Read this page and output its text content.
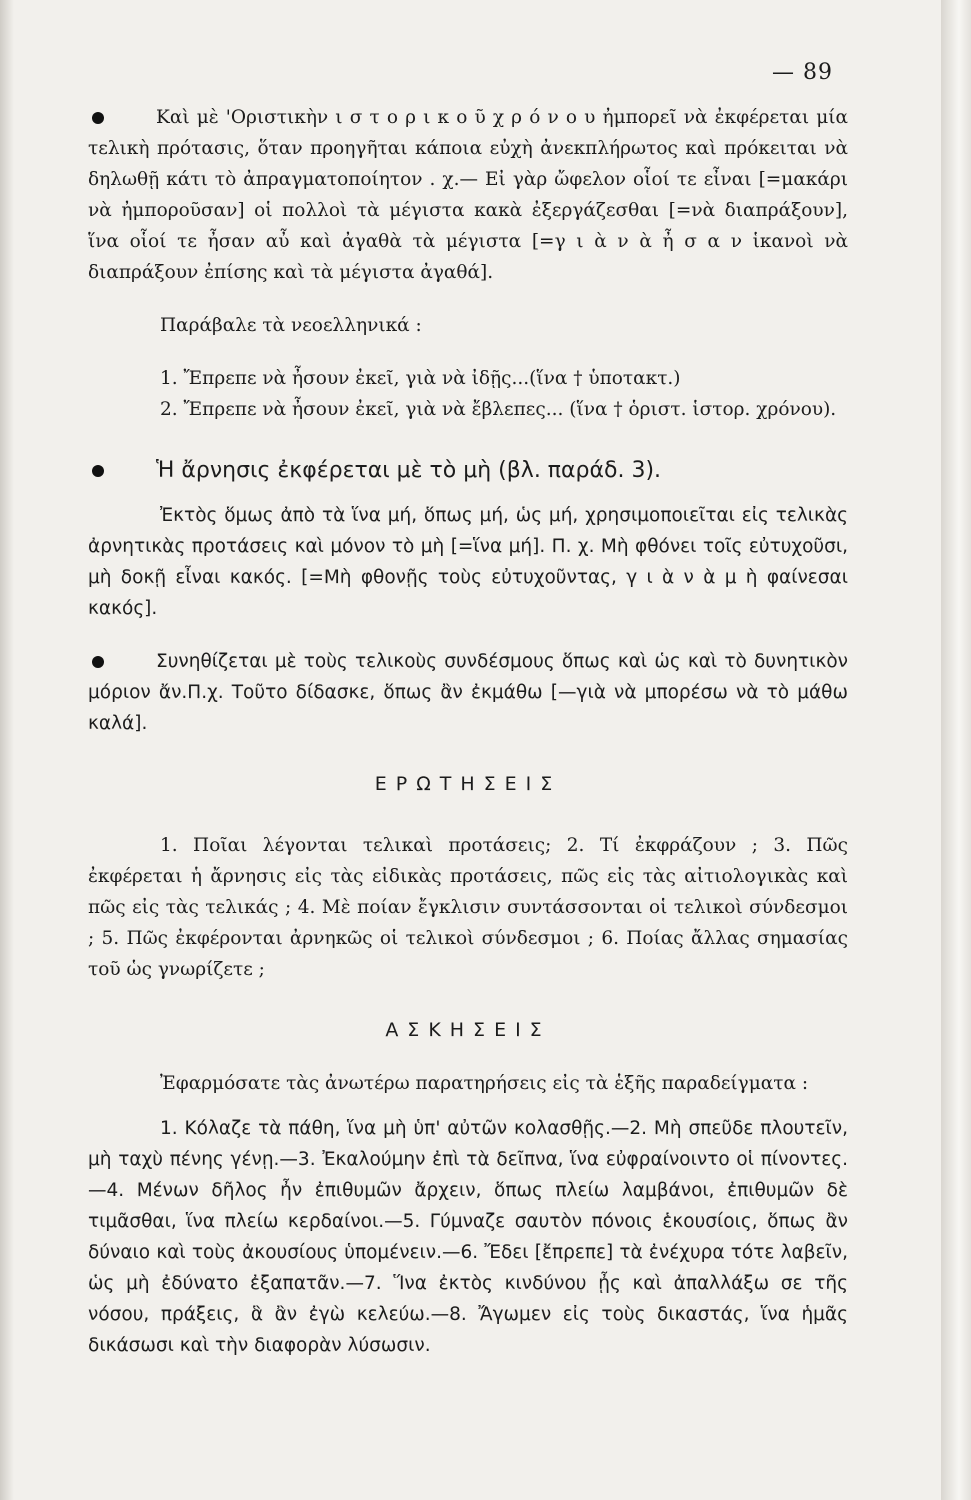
— 89

Καὶ μὲ 'Οριστικὴν ι σ τ ο ρ ι κ ο ῦ χ ρ ό ν ο υ ἠμπορεῖ νὰ ἐκφέρεται μία τελικὴ πρότασις, ὅταν προηγῆται κάποια εὐχὴ ἀνεκπλήρωτος καὶ πρόκειται νὰ δηλωθῇ κάτι τὸ ἀπραγματοποίητον . χ.— Εἰ γὰρ ὤφελον οἷοί τε εἶναι [=μακάρι νὰ ἠμποροῦσαν] οἱ πολλοὶ τὰ μέγιστα κακὰ ἐξεργάζεσθαι [=νὰ διαπράξουν], ἵνα οἷοί τε ἦσαν αὖ καὶ ἀγαθὰ τὰ μέγιστα [=γ ι ὰ ν ὰ ἦ σ α ν ἱκανοὶ νὰ διαπράξουν ἐπίσης καὶ τὰ μέγιστα ἀγαθά].

Παράβαλε τὰ νεοελληνικά :

1. Ἔπρεπε νὰ ἦσουν ἐκεῖ, γιὰ νὰ ἰδῇς...(ἵνα † ὑποτακτ.)

2. Ἔπρεπε νὰ ἦσουν ἐκεῖ, γιὰ νὰ ἔβλεπες... (ἵνα † ὁριστ. ἱστορ. χρόνου).

Ἡ ἄρνησις ἐκφέρεται μὲ τὸ μὴ (βλ. παράδ. 3).

Ἐκτὸς ὅμως ἀπὸ τὰ ἵνα μή, ὅπως μή, ὡς μή, χρησιμοποιεῖται εἰς τελικὰς ἀρνητικὰς προτάσεις καὶ μόνον τὸ μὴ [=ἵνα μή]. Π. χ. Μὴ φθόνει τοῖς εὐτυχοῦσι, μὴ δοκῇ εἶναι κακός. [=Μὴ φθονῇς τοὺς εὐτυχοῦντας, γ ι ὰ ν ὰ μ ὴ φαίνεσαι κακός].

Συνηθίζεται μὲ τοὺς τελικοὺς συνδέσμους ὅπως καὶ ὡς καὶ τὸ δυνητικὸν μόριον ἄν.Π.χ. Τοῦτο δίδασκε, ὅπως ἂν ἐκμάθω [—γιὰ νὰ μπορέσω νὰ τὸ μάθω καλά].

ΕΡΩΤΗΣΕΙΣ

1. Ποῖαι λέγονται τελικαὶ προτάσεις; 2. Τί ἐκφράζουν ; 3. Πῶς ἐκφέρεται ἡ ἄρνησις εἰς τὰς εἰδικὰς προτάσεις, πῶς εἰς τὰς αἰτιολογικὰς καὶ πῶς εἰς τὰς τελικάς ; 4. Μὲ ποίαν ἔγκλισιν συντάσσονται οἱ τελικοὶ σύνδεσμοι ; 5. Πῶς ἐκφέρονται ἀρνηκῶς οἱ τελικοὶ σύνδεσμοι ; 6. Ποίας ἄλλας σημασίας τοῦ ὡς γνωρίζετε ;

ΑΣΚΗΣΕΙΣ

Ἐφαρμόσατε τὰς ἀνωτέρω παρατηρήσεις εἰς τὰ ἑξῆς παραδείγματα :

1. Κόλαζε τὰ πάθη, ἵνα μὴ ὑπ' αὐτῶν κολασθῇς.—2. Μὴ σπεῦδε πλουτεῖν, μὴ ταχὺ πένης γένῃ.—3. Ἐκαλούμην ἐπὶ τὰ δεῖπνα, ἵνα εὐφραίνοιντο οἱ πίνοντες.—4. Μένων δῆλος ἦν ἐπιθυμῶν ἄρχειν, ὅπως πλείω λαμβάνοι, ἐπιθυμῶν δὲ τιμᾶσθαι, ἵνα πλείω κερδαίνοι.—5. Γύμναζε σαυτὸν πόνοις ἑκουσίοις, ὅπως ἂν δύναιο καὶ τοὺς ἀκουσίους ὑπομένειν.—6. Ἔδει [ἔπρεπε] τὰ ἐνέχυρα τότε λαβεῖν, ὡς μὴ ἐδύνατο ἐξαπατᾶν.—7. Ἵνα ἐκτὸς κινδύνου ᾖς καὶ ἀπαλλάξω σε τῆς νόσου, πράξεις, ἃ ἂν ἐγὼ κελεύω.—8. Ἄγωμεν εἰς τοὺς δικαστάς, ἵνα ἡμᾶς δικάσωσι καὶ τὴν διαφορὰν λύσωσιν.
